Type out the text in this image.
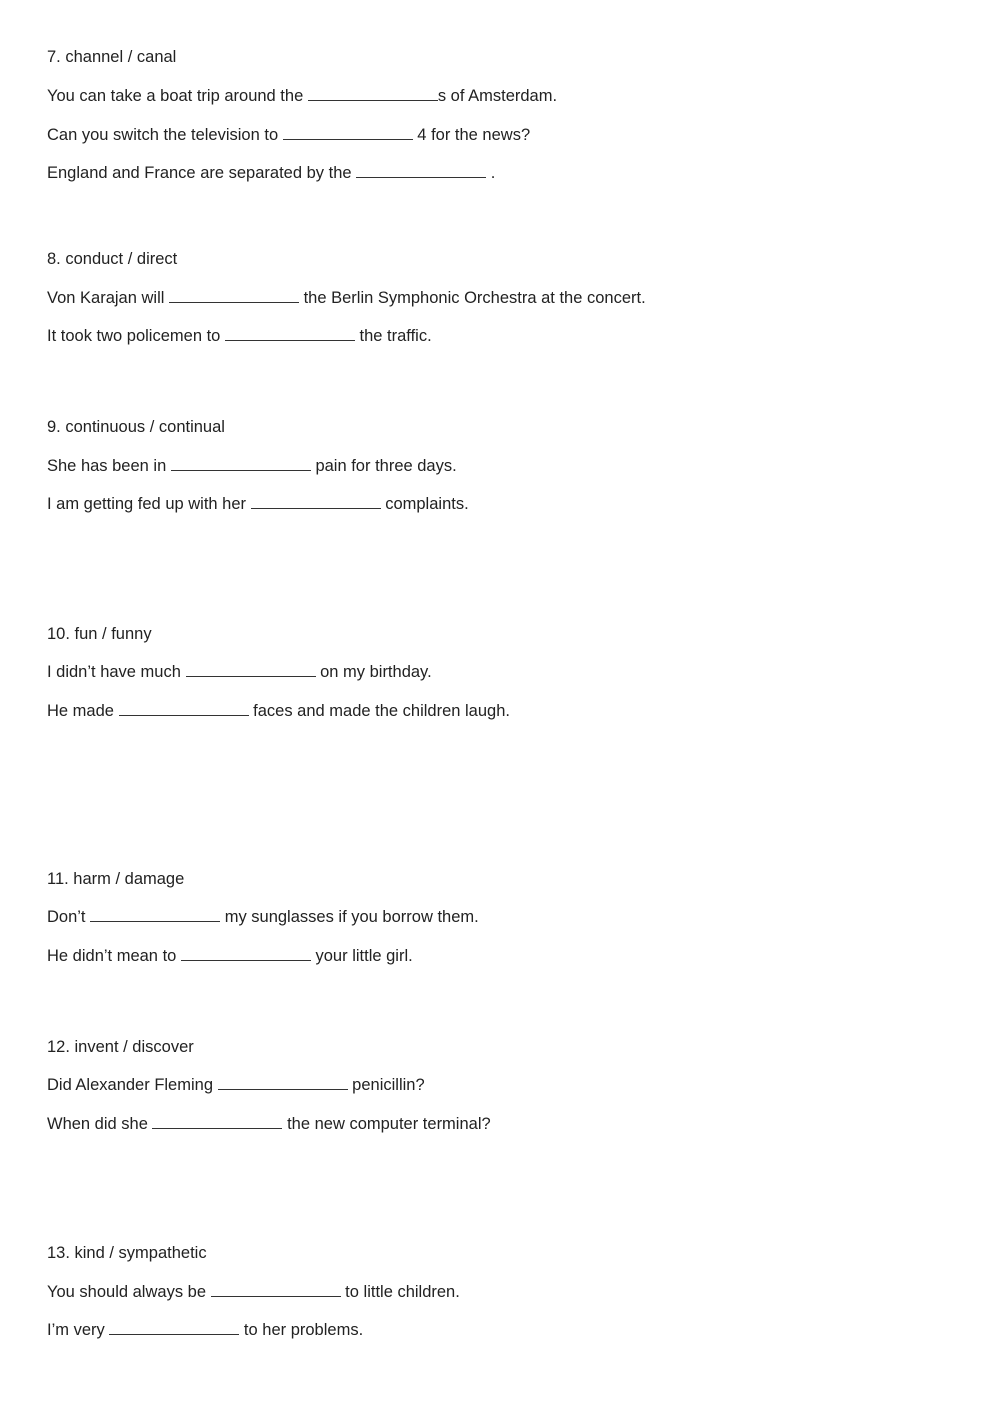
7. channel / canal
You can take a boat trip around the	s of Amsterdam.
Can you switch the television to	4 for the news?
England and France are separated by the	.
8. conduct / direct
Von Karajan will	the Berlin Symphonic Orchestra at the concert.
It took two policemen to	the traffic.
9. continuous / continual
She has been in	pain for three days.
I am getting fed up with her	complaints.
10. fun / funny
I didn’t have much	on my birthday.
He made	faces and made the children laugh.
11. harm / damage
Don’t	my sunglasses if you borrow them.
He didn’t mean to	your little girl.
12. invent / discover
Did Alexander Fleming	penicillin?
When did she	the new computer terminal?
13. kind / sympathetic
You should always be	to little children.
I’m very	to her problems.
